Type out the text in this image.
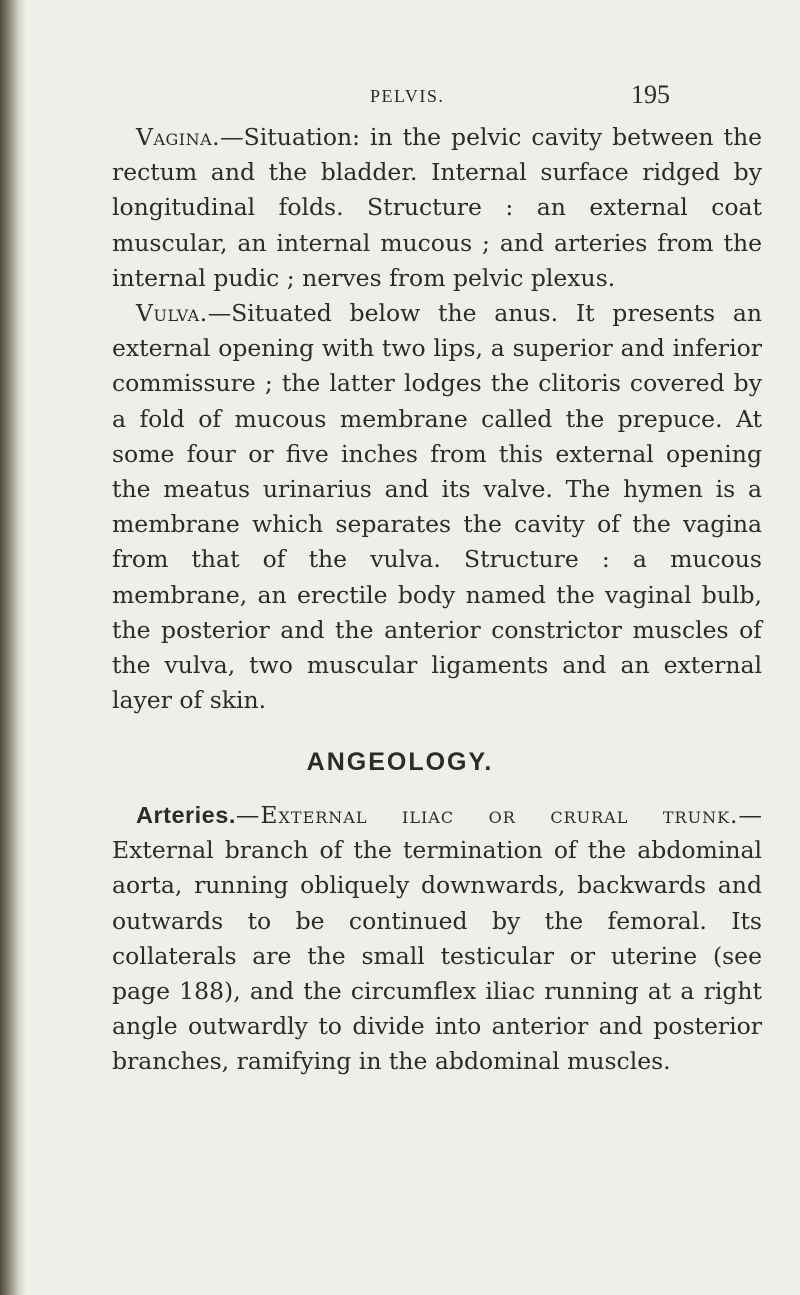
PELVIS.	195

Vagina.—Situation: in the pelvic cavity between the rectum and the bladder. Internal surface ridged by longitudinal folds. Structure : an external coat muscular, an internal mucous ; and arteries from the internal pudic ; nerves from pelvic plexus.

Vulva.—Situated below the anus. It presents an external opening with two lips, a superior and inferior commissure ; the latter lodges the clitoris covered by a fold of mucous membrane called the prepuce. At some four or five inches from this external opening the meatus urinarius and its valve. The hymen is a membrane which separates the cavity of the vagina from that of the vulva. Structure : a mucous membrane, an erectile body named the vaginal bulb, the posterior and the anterior constrictor muscles of the vulva, two muscular ligaments and an external layer of skin.

ANGEOLOGY.

Arteries.—External iliac or crural trunk.— External branch of the termination of the abdominal aorta, running obliquely downwards, backwards and outwards to be continued by the femoral. Its collaterals are the small testicular or uterine (see page 188), and the circumflex iliac running at a right angle outwardly to divide into anterior and posterior branches, ramifying in the abdominal muscles.
